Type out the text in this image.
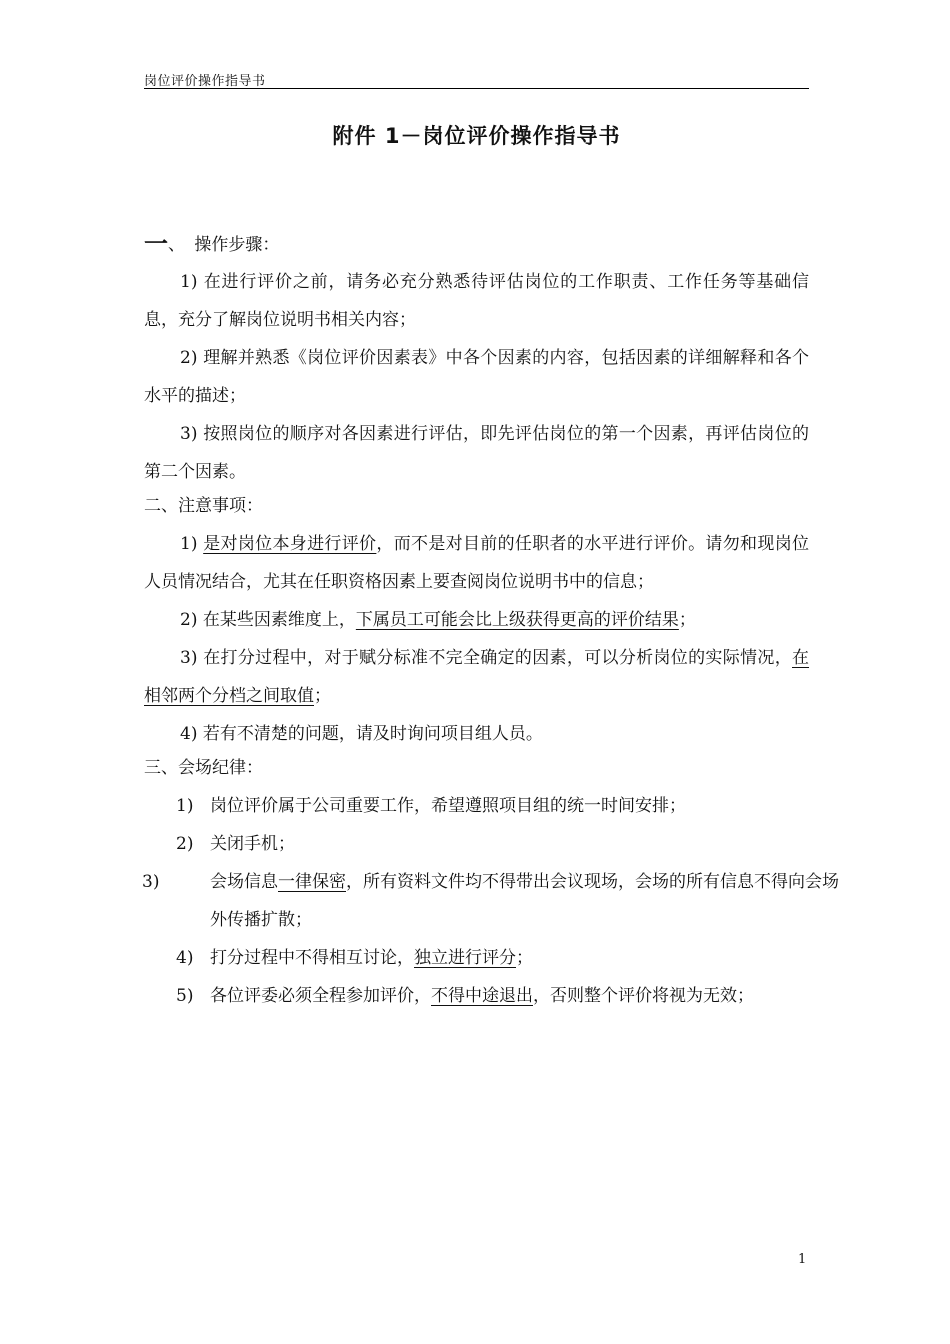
岗位评价操作指导书
附件 1－岗位评价操作指导书
一、 操作步骤：

1) 在进行评价之前，请务必充分熟悉待评估岗位的工作职责、工作任务等基础信息，充分了解岗位说明书相关内容；

2) 理解并熟悉《岗位评价因素表》中各个因素的内容，包括因素的详细解释和各个水平的描述；

3) 按照岗位的顺序对各因素进行评估，即先评估岗位的第一个因素，再评估岗位的第二个因素。

二、注意事项：

1) 是对岗位本身进行评价，而不是对目前的任职者的水平进行评价。请勿和现岗位人员情况结合，尤其在任职资格因素上要查阅岗位说明书中的信息；

2) 在某些因素维度上，下属员工可能会比上级获得更高的评价结果；

3) 在打分过程中，对于赋分标准不完全确定的因素，可以分析岗位的实际情况，在相邻两个分档之间取值；

4) 若有不清楚的问题，请及时询问项目组人员。

三、会场纪律：
1) 岗位评价属于公司重要工作，希望遵照项目组的统一时间安排；
2) 关闭手机；
3)	会场信息一律保密，所有资料文件均不得带出会议现场，会场的所有信息不得向会场外传播扩散；
4) 打分过程中不得相互讨论，独立进行评分；
5) 各位评委必须全程参加评价，不得中途退出，否则整个评价将视为无效；
1
